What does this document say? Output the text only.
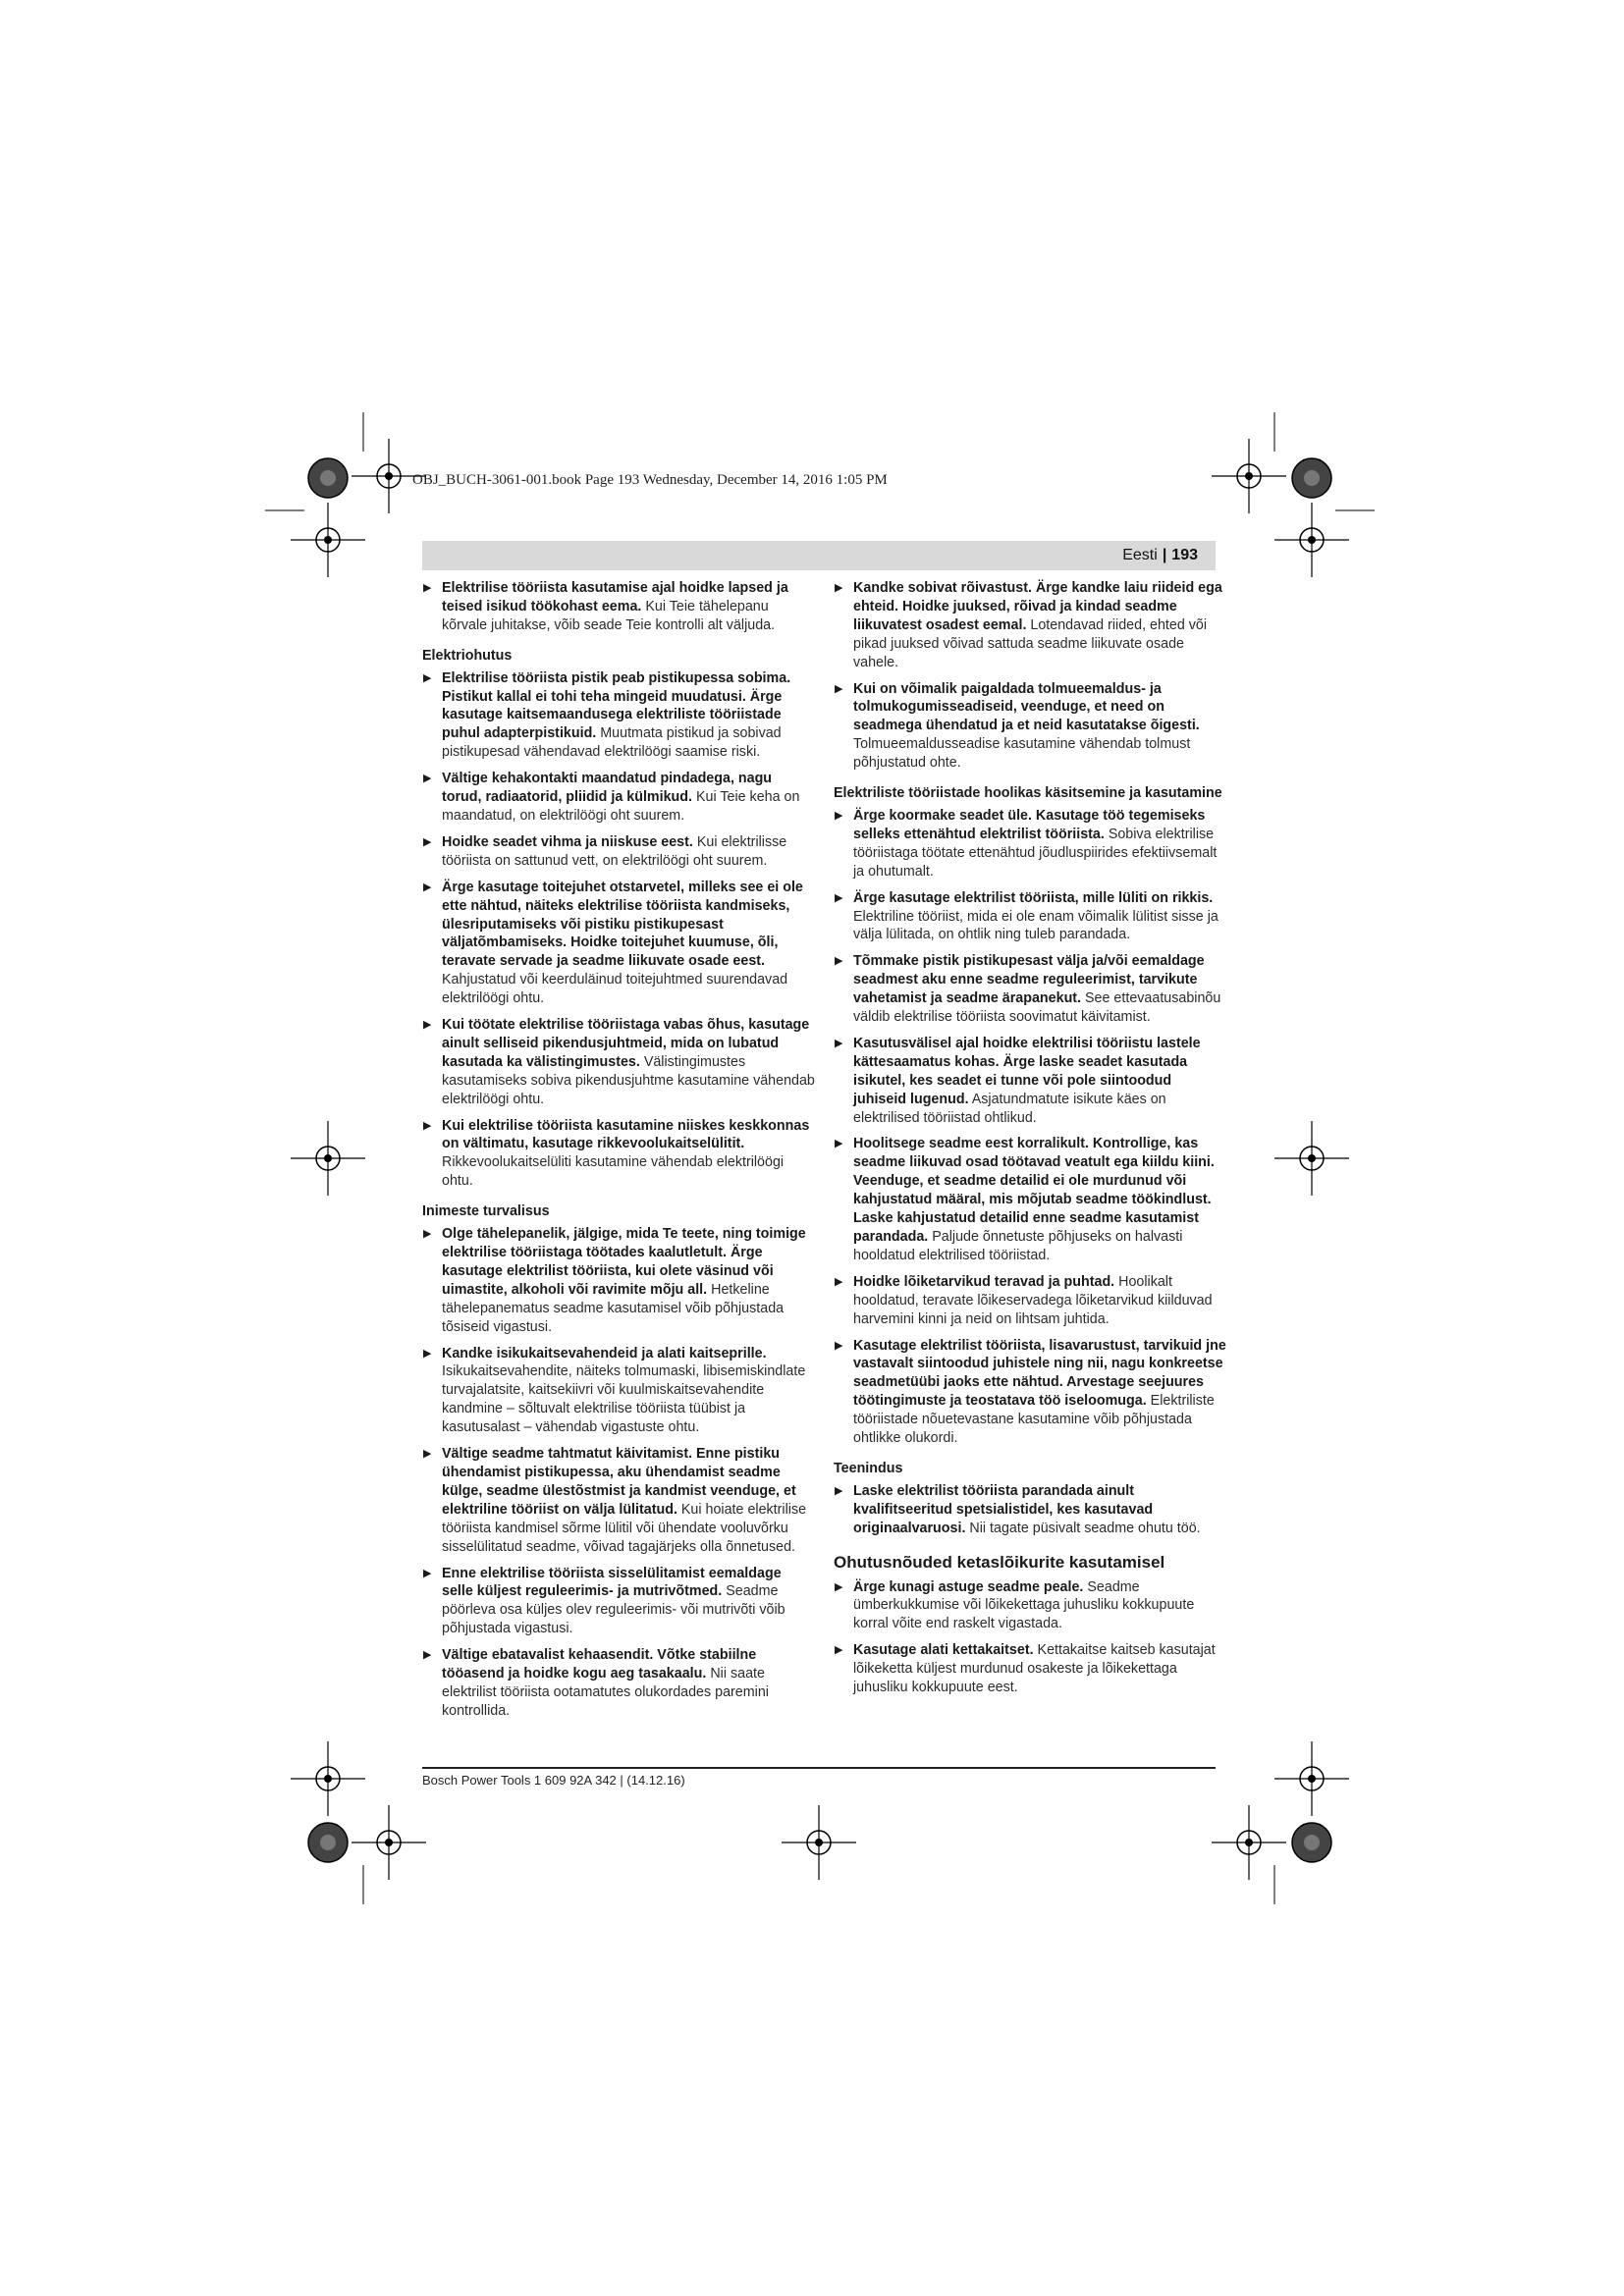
OBJ_BUCH-3061-001.book Page 193 Wednesday, December 14, 2016 1:05 PM
Eesti | 193
▶ Elektrilise tööriista kasutamise ajal hoidke lapsed ja teised isikud töökohast eema. Kui Teie tähelepanu kõrvale juhitakse, võib seade Teie kontrolli alt väljuda.
Elektriohutus
▶ Elektrilise tööriista pistik peab pistikupessa sobima. Pistikut kallal ei tohi teha mingeid muudatusi. Ärge kasutage kaitsemaandusega elektriliste tööriistade puhul adapterpistikuid. Muutmata pistikud ja sobivad pistikupesad vähendavad elektrilöögi saamise riski.
▶ Vältige kehakontakti maandatud pindadega, nagu torud, radiaatorid, pliidid ja külmikud. Kui Teie keha on maandatud, on elektrilöögi oht suurem.
▶ Hoidke seadet vihma ja niiskuse eest. Kui elektrilisse tööriista on sattunud vett, on elektrilöögi oht suurem.
▶ Ärge kasutage toitejuhet otstarvetel, milleks see ei ole ette nähtud, näiteks elektrilise tööriista kandmiseks, ülesriputamiseks või pistiku pistikupesast väljatõmbamiseks. Hoidke toitejuhet kuumuse, õli, teravate servade ja seadme liikuvate osade eest. Kahjustatud või keerduläinud toitejuhtmed suurendavad elektrilöögi ohtu.
▶ Kui töötate elektrilise tööriistaga vabas õhus, kasutage ainult selliseid pikendusjuhtmeid, mida on lubatud kasutada ka välistingimustes. Välistingimustes kasutamiseks sobiva pikendusjuhtme kasutamine vähendab elektrilöögi ohtu.
▶ Kui elektrilise tööriista kasutamine niiskes keskkonnas on vältimatu, kasutage rikkevoolukaitselülitit. Rikkevoolukaitselüliti kasutamine vähendab elektrilöögi ohtu.
Inimeste turvalisus
▶ Olge tähelepanelik, jälgige, mida Te teete, ning toimige elektrilise tööriistaga töötades kaalutletult. Ärge kasutage elektrilist tööriista, kui olete väsinud või uimastite, alkoholi või ravimite mõju all. Hetkeline tähelepanematus seadme kasutamisel võib põhjustada tõsiseid vigastusi.
▶ Kandke isikukaitsevahendeid ja alati kaitseprille. Isikukaitsevahendite, näiteks tolmumaski, libisemiskindlate turvajalatsite, kaitsekiivri või kuulmiskaitsevahendite kandmine – sõltuvalt elektrilise tööriista tüübist ja kasutusalast – vähendab vigastuste ohtu.
▶ Vältige seadme tahtmatut käivitamist. Enne pistiku ühendamist pistikupessa, aku ühendamist seadme külge, seadme ülestõstmist ja kandmist veenduge, et elektriline tööriist on välja lülitatud. Kui hoiate elektrilise tööriista kandmisel sõrme lülitil või ühendate vooluvõrku sisselülitatud seadme, võivad tagajärjeks olla õnnetused.
▶ Enne elektrilise tööriista sisselülitamist eemaldage selle küljest reguleerimis- ja mutrivõtmed. Seadme pöörleva osa küljes olev reguleerimis- või mutrivõti võib põhjustada vigastusi.
▶ Vältige ebatavalist kehaasendit. Võtke stabiilne tööasend ja hoidke kogu aeg tasakaalu. Nii saate elektrilist tööriista ootamatutes olukordades paremini kontrollida.
▶ Kandke sobivat rõivastust. Ärge kandke laiu riideid ega ehteid. Hoidke juuksed, rõivad ja kindad seadme liikuvatest osadest eemal. Lotendavad riided, ehted või pikad juuksed võivad sattuda seadme liikuvate osade vahele.
▶ Kui on võimalik paigaldada tolmueemaldus- ja tolmukogumisseadiseid, veenduge, et need on seadmega ühendatud ja et neid kasutatakse õigesti. Tolmueemaldusseadise kasutamine vähendab tolmust põhjustatud ohte.
Elektriliste tööriistade hoolikas käsitsemine ja kasutamine
▶ Ärge koormake seadet üle. Kasutage töö tegemiseks selleks ettenähtud elektrilist tööriista. Sobiva elektrilise tööriistaga töötate ettenähtud jõudluspiirides efektiivsemalt ja ohutumalt.
▶ Ärge kasutage elektrilist tööriista, mille lüliti on rikkis. Elektriline tööriist, mida ei ole enam võimalik lülitist sisse ja välja lülitada, on ohtlik ning tuleb parandada.
▶ Tõmmake pistik pistikupesast välja ja/või eemaldage seadmest aku enne seadme reguleerimist, tarvikute vahetamist ja seadme ärapanekut. See ettevaatusabinõu väldib elektrilise tööriista soovimatut käivitamist.
▶ Kasutusvälisel ajal hoidke elektrilisi tööriistu lastele kättesaamatus kohas. Ärge laske seadet kasutada isikutel, kes seadet ei tunne või pole siintoodud juhiseid lugenud. Asjatundmatute isikute käes on elektrilised tööriistad ohtlikud.
▶ Hoolitsege seadme eest korralikult. Kontrollige, kas seadme liikuvad osad töötavad veatult ega kiildu kiini. Veenduge, et seadme detailid ei ole murdunud või kahjustatud määral, mis mõjutab seadme töökindlust. Laske kahjustatud detailid enne seadme kasutamist parandada. Paljude õnnetuste põhjuseks on halvasti hooldatud elektrilised tööriistad.
▶ Hoidke lõiketarvikud teravad ja puhtad. Hoolikalt hooldatud, teravate lõikeservadega lõiketarvikud kiilduvad harvemini kinni ja neid on lihtsam juhtida.
▶ Kasutage elektrilist tööriista, lisavarustust, tarvikuid jne vastavalt siintoodud juhistele ning nii, nagu konkreetse seadmetüübi jaoks ette nähtud. Arvestage seejuures töötingimuste ja teostatava töö iseloomuga. Elektriliste tööriistade nõuetevastane kasutamine võib põhjustada ohtlikke olukordi.
Teenindus
▶ Laske elektrilist tööriista parandada ainult kvalifitseeritud spetsialistidel, kes kasutavad originaalvaruosi. Nii tagate püsivalt seadme ohutu töö.
Ohutusnõuded ketaslõikurite kasutamisel
▶ Ärge kunagi astuge seadme peale. Seadme ümberkukkumise või lõikekettaga juhusliku kokkupuute korral võite end raskelt vigastada.
▶ Kasutage alati kettakaitset. Kettakaitse kaitseb kasutajat lõikeketta küljest murdunud osakeste ja lõikekettaga juhusliku kokkupuute eest.
Bosch Power Tools 1 609 92A 342 | (14.12.16)
